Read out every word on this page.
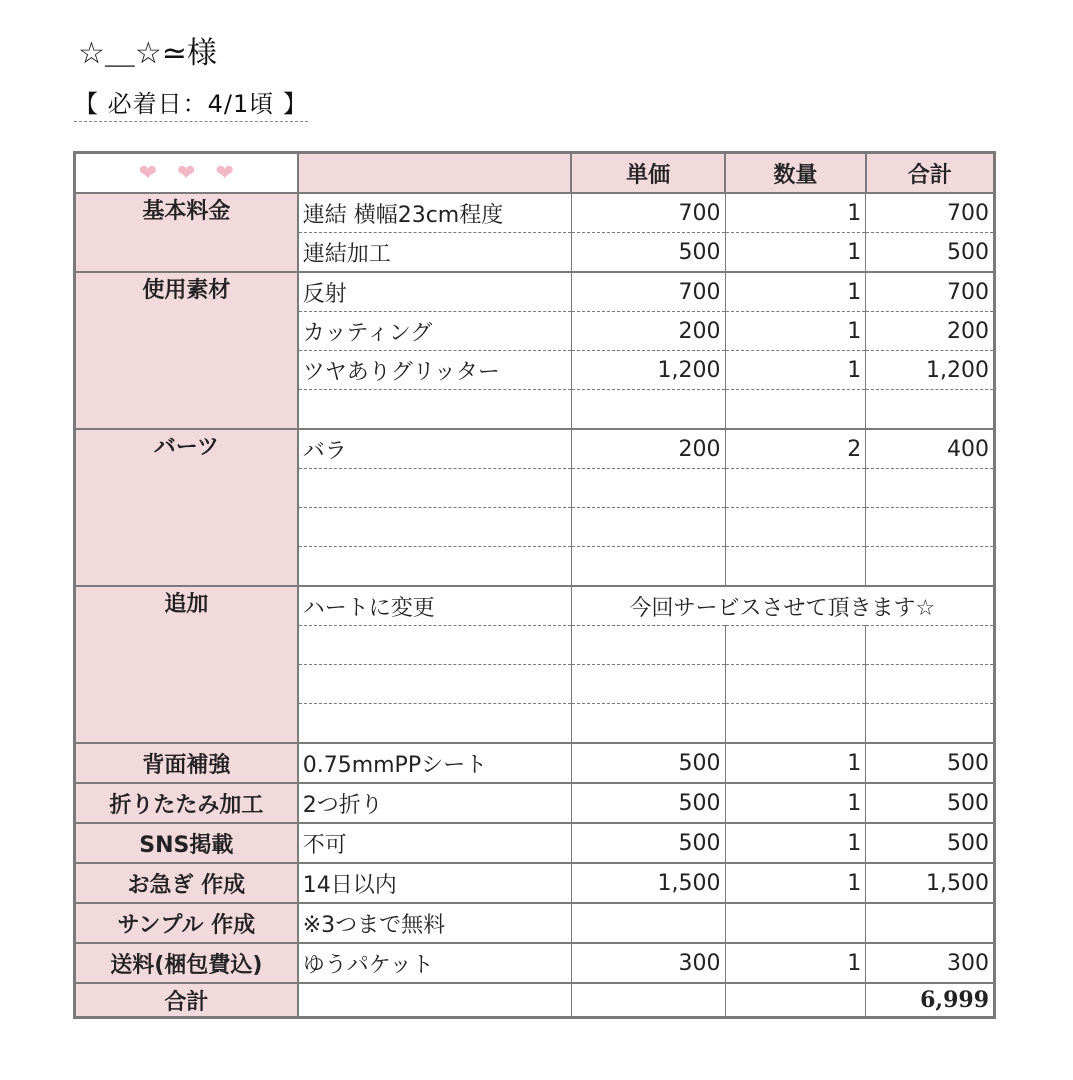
☆＿☆≃様
【 必着日：4/1頃 】
❤ ❤ ❤		単価	数量	合計
基本料金	連結 横幅23cm程度	700	1	700
	連結加工	500	1	500
使用素材	反射	700	1	700
	カッティング	200	1	200
	ツヤありグリッター	1,200	1	1,200

バーツ	バラ	200	2	400

追加	ハートに変更	今回サービスさせて頂きます☆		

背面補強	0.75mmPPシート	500	1	500
折りたたみ加工	2つ折り	500	1	500
SNS掲載	不可	500	1	500
お急ぎ 作成	14日以内	1,500	1	1,500
サンプル 作成	※3つまで無料			
送料(梱包費込)	ゆうパケット	300	1	300
合計				6,999
